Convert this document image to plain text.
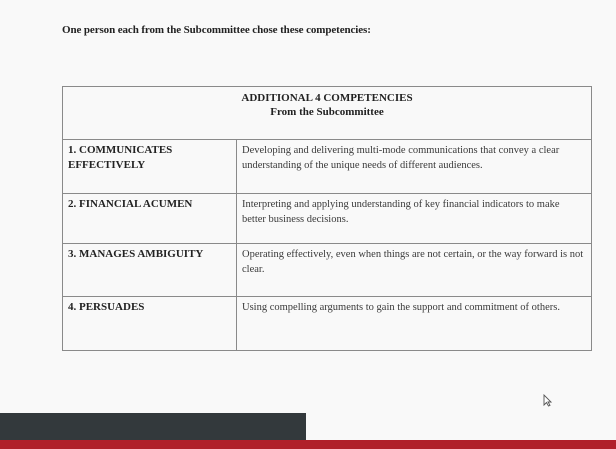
One person each from the Subcommittee chose these competencies:
ADDITIONAL 4 COMPETENCIES
From the Subcommittee	

1. COMMUNICATES EFFECTIVELY	Developing and delivering multi-mode communications that convey a clear understanding of the unique needs of different audiences.
2. FINANCIAL ACUMEN	Interpreting and applying understanding of key financial indicators to make better business decisions.
3. MANAGES AMBIGUITY	Operating effectively, even when things are not certain, or the way forward is not clear.
4. PERSUADES	Using compelling arguments to gain the support and commitment of others.
